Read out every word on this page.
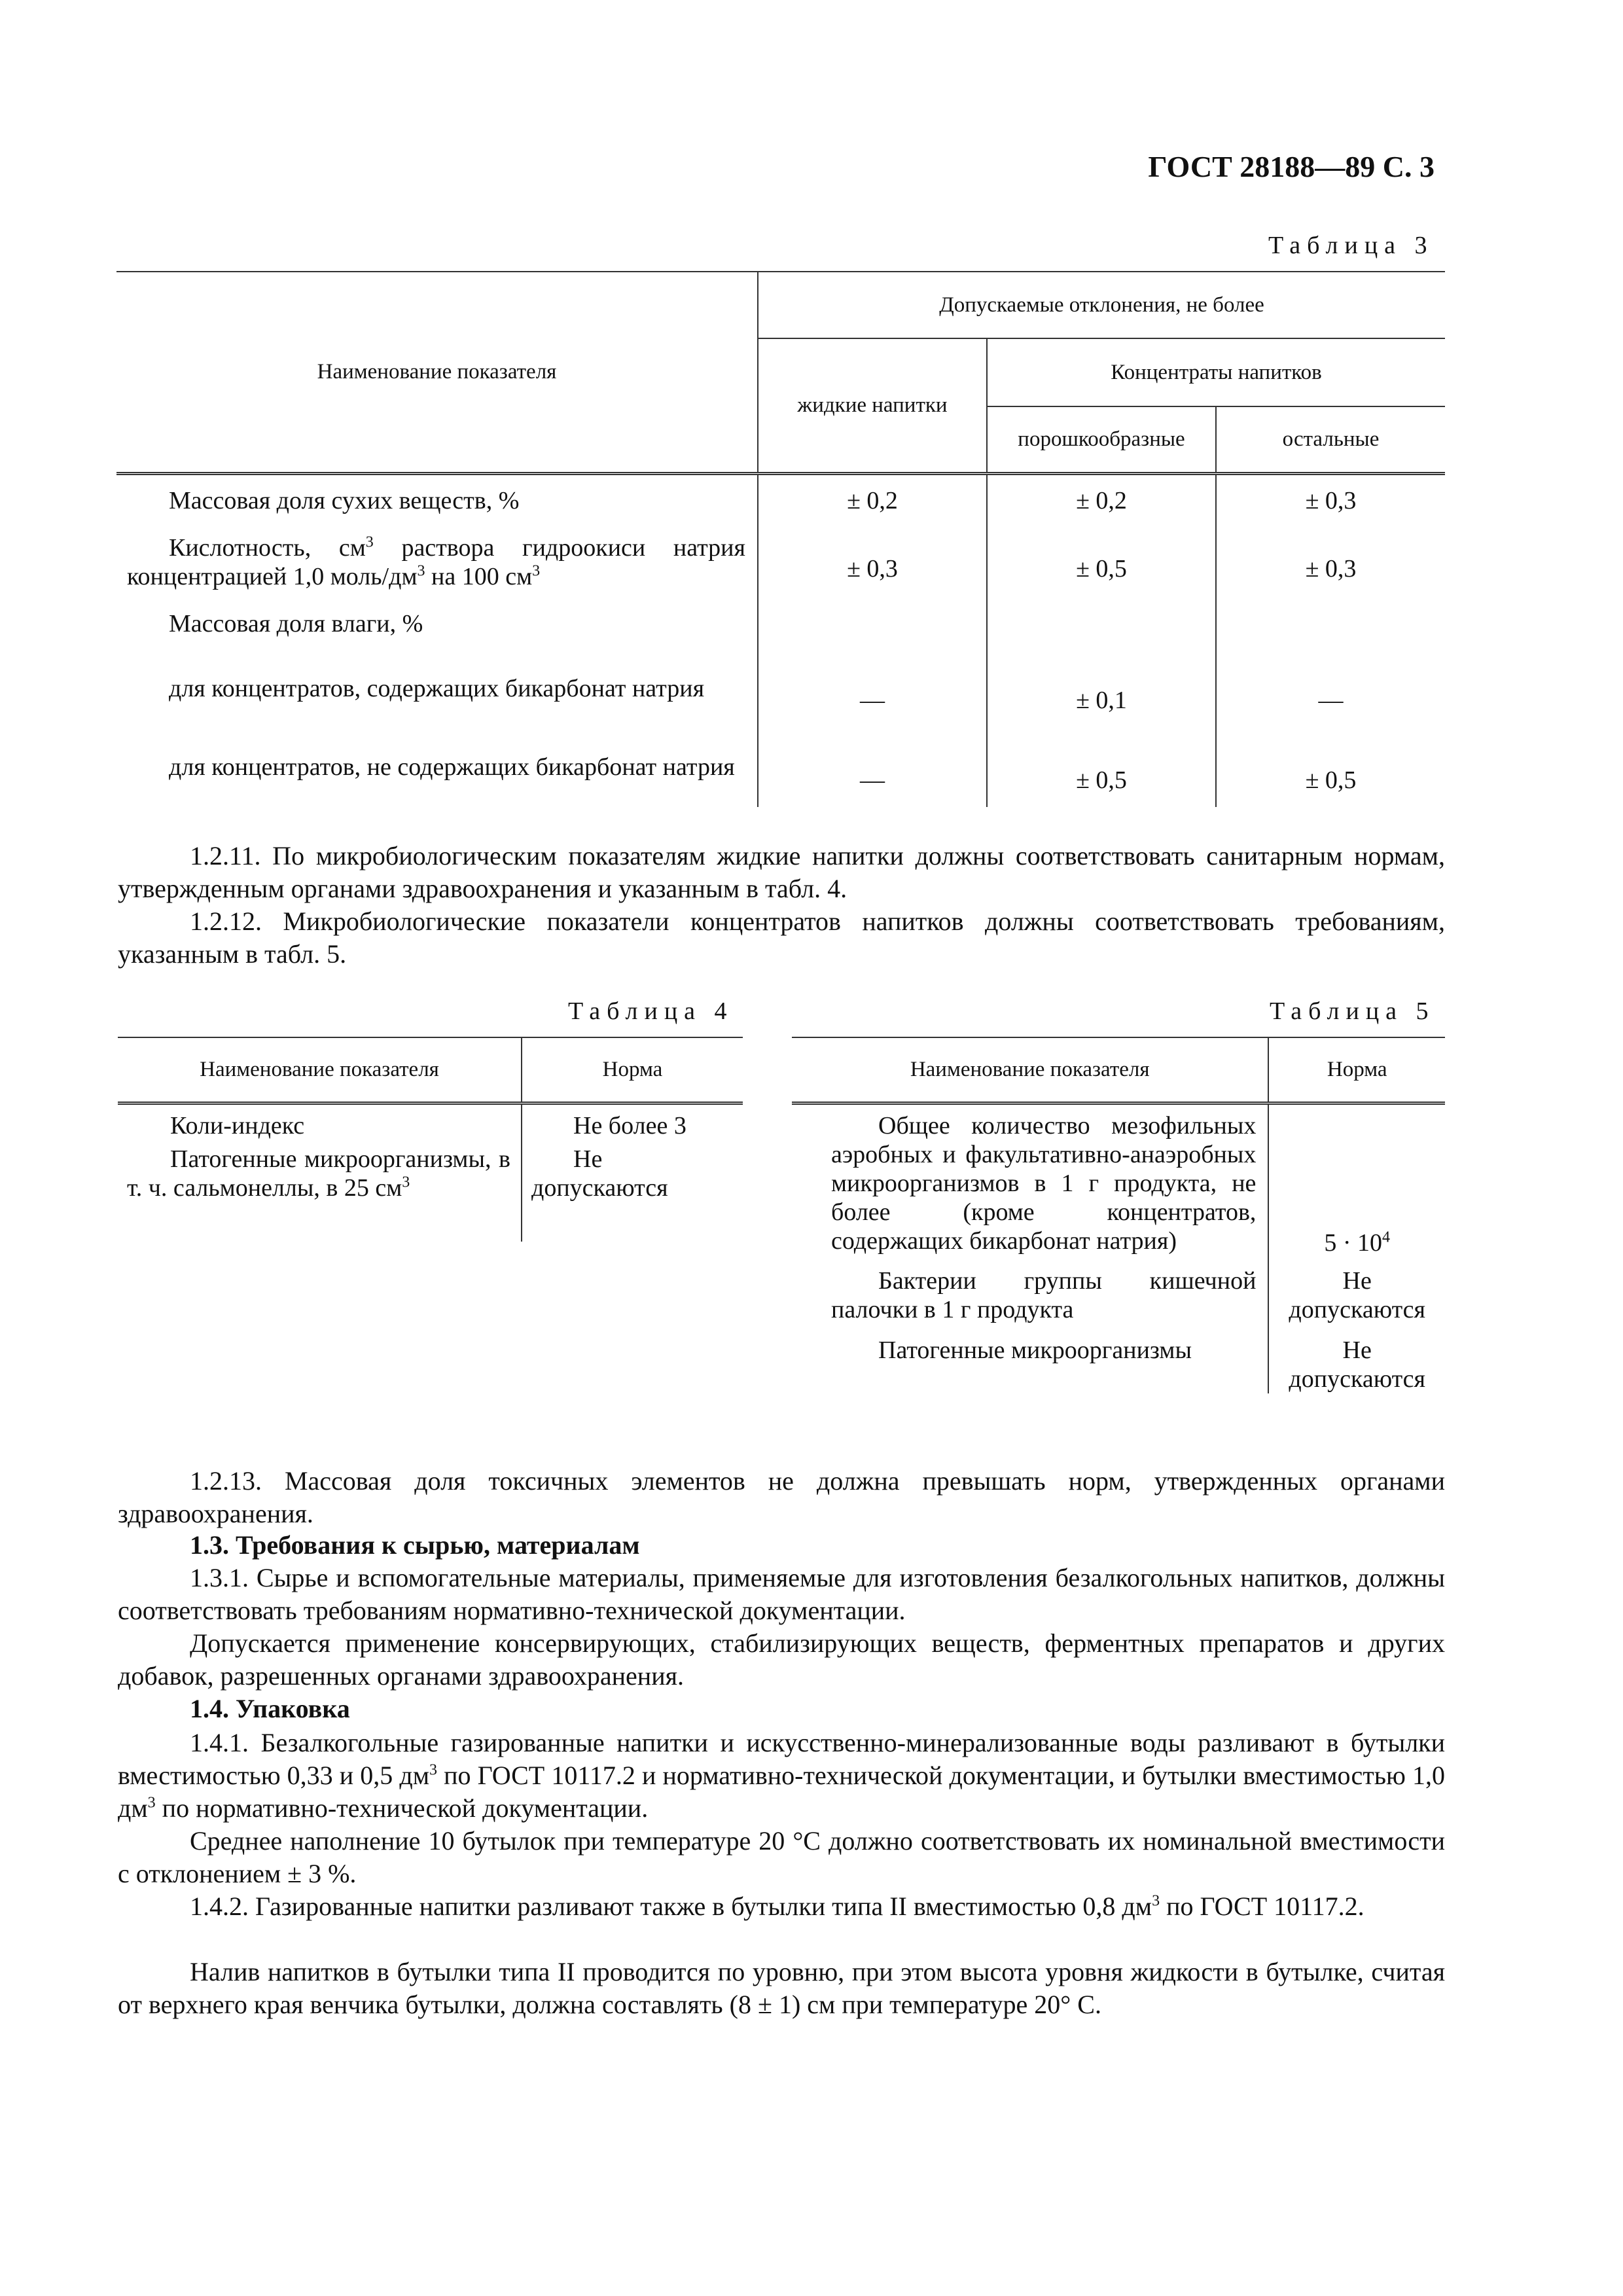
ГОСТ 28188—89 С. 3
Таблица 3
Наименование показателя	Допускаемые отклонения, не более		
	жидкие напитки	Концентраты напитков	
		порошкообразные	остальные
Массовая доля сухих веществ, %	± 0,2	± 0,2	± 0,3
Кислотность, $см^3$ раствора гидроокиси натрия концентрацией 1,0 моль/$дм^3$ на 100 $см^3$	± 0,3	± 0,5	± 0,3
Массовая доля влаги, %			
для концентратов, содержащих бикарбонат натрия	—	± 0,1	—
для концентратов, не содержащих бикарбонат натрия	—	± 0,5	± 0,5

1.2.11. По микробиологическим показателям жидкие напитки должны соответствовать санитарным нормам, утвержденным органами здравоохранения и указанным в табл. 4.

1.2.12. Микробиологические показатели концентратов напитков должны соответствовать требованиям, указанным в табл. 5.

Таблица 4
Наименование показателя	Норма
Коли-индекс	Не более 3
Патогенные микроорганизмы, в т. ч. сальмонеллы, в 25 $см^3$	Не допускаются
Таблица 5
Наименование показателя	Норма
Общее количество мезофильных аэробных и факультативно-анаэробных микроорганизмов в 1 г продукта, не более (кроме концентратов, содержащих бикарбонат натрия)	$5 \cdot 10^4$
Бактерии группы кишечной палочки в 1 г продукта	Не допускаются
Патогенные микроорганизмы	Не допускаются

1.2.13. Массовая доля токсичных элементов не должна превышать норм, утвержденных органами здравоохранения.

1.3. Требования к сырью, материалам

1.3.1. Сырье и вспомогательные материалы, применяемые для изготовления безалкогольных напитков, должны соответствовать требованиям нормативно-технической документации.

Допускается применение консервирующих, стабилизирующих веществ, ферментных препаратов и других добавок, разрешенных органами здравоохранения.

1.4. Упаковка

1.4.1. Безалкогольные газированные напитки и искусственно-минерализованные воды разливают в бутылки вместимостью 0,33 и 0,5 $дм^3$ по ГОСТ 10117.2 и нормативно-технической документации, и бутылки вместимостью 1,0 $дм^3$ по нормативно-технической документации.

Среднее наполнение 10 бутылок при температуре 20 °С должно соответствовать их номинальной вместимости с отклонением ± 3 %.

1.4.2. Газированные напитки разливают также в бутылки типа II вместимостью 0,8 $дм^3$ по ГОСТ 10117.2.

Налив напитков в бутылки типа II проводится по уровню, при этом высота уровня жидкости в бутылке, считая от верхнего края венчика бутылки, должна составлять (8 ± 1) см при температуре 20° С.
